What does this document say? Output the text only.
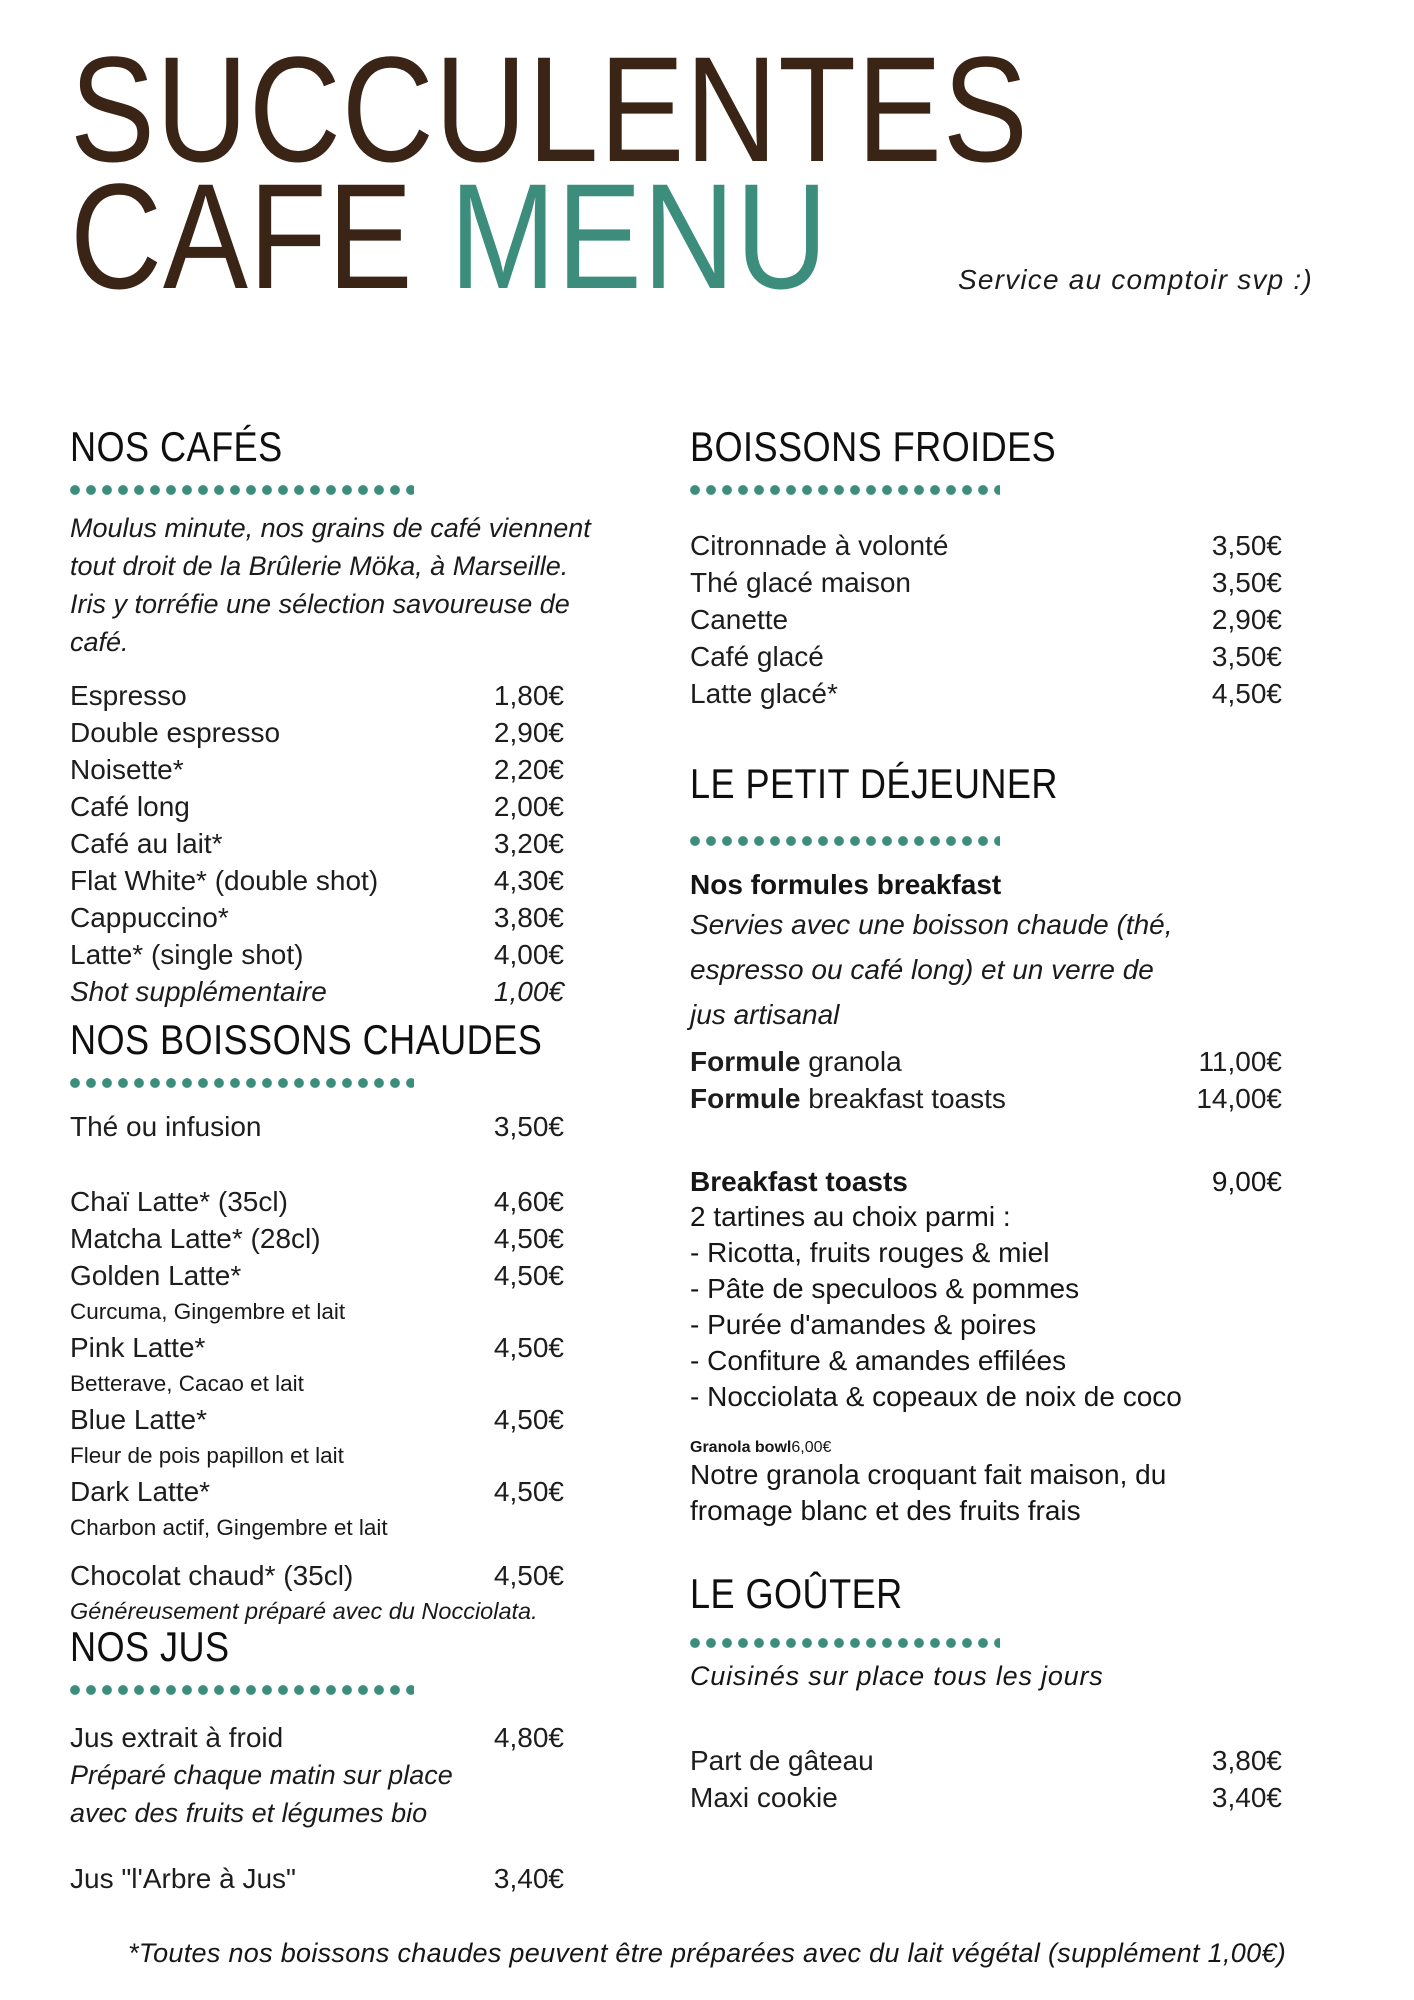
SUCCULENTES
CAFE MENU	Service au comptoir svp :)
NOS CAFÉS
Moulus minute, nos grains de café viennent
tout droit de la Brûlerie Möka, à Marseille.
Iris y torréfie une sélection savoureuse de
café.
Espresso	1,80€
Double espresso	2,90€
Noisette*	2,20€
Café long	2,00€
Café au lait*	3,20€
Flat White* (double shot)	4,30€
Cappuccino*	3,80€
Latte* (single shot)	4,00€
Shot supplémentaire	1,00€
NOS BOISSONS CHAUDES
Thé ou infusion	3,50€
Chaï Latte* (35cl)	4,60€
Matcha Latte* (28cl)	4,50€
Golden Latte*	4,50€
Curcuma, Gingembre et lait
Pink Latte*	4,50€
Betterave, Cacao et lait
Blue Latte*	4,50€
Fleur de pois papillon et lait
Dark Latte*	4,50€
Charbon actif, Gingembre et lait
Chocolat chaud* (35cl)	4,50€
Généreusement préparé avec du Nocciolata.
NOS JUS
Jus extrait à froid	4,80€
Préparé chaque matin sur place
avec des fruits et légumes bio
Jus "l'Arbre à Jus"	3,40€
BOISSONS FROIDES
Citronnade à volonté	3,50€
Thé glacé maison	3,50€
Canette	2,90€
Café glacé	3,50€
Latte glacé*	4,50€
LE PETIT DÉJEUNER
Nos formules breakfast
Servies avec une boisson chaude (thé,
espresso ou café long) et un verre de
jus artisanal
Formule granola	11,00€
Formule breakfast toasts	14,00€
Breakfast toasts	9,00€
2 tartines au choix parmi :
- Ricotta, fruits rouges & miel
- Pâte de speculoos & pommes
- Purée d'amandes & poires
- Confiture & amandes effilées
- Nocciolata & copeaux de noix de coco
Granola bowl6,00€
Notre granola croquant fait maison, du
fromage blanc et des fruits frais
LE GOÛTER
Cuisinés sur place tous les jours
Part de gâteau	3,80€
Maxi cookie	3,40€
*Toutes nos boissons chaudes peuvent être préparées avec du lait végétal (supplément 1,00€)
